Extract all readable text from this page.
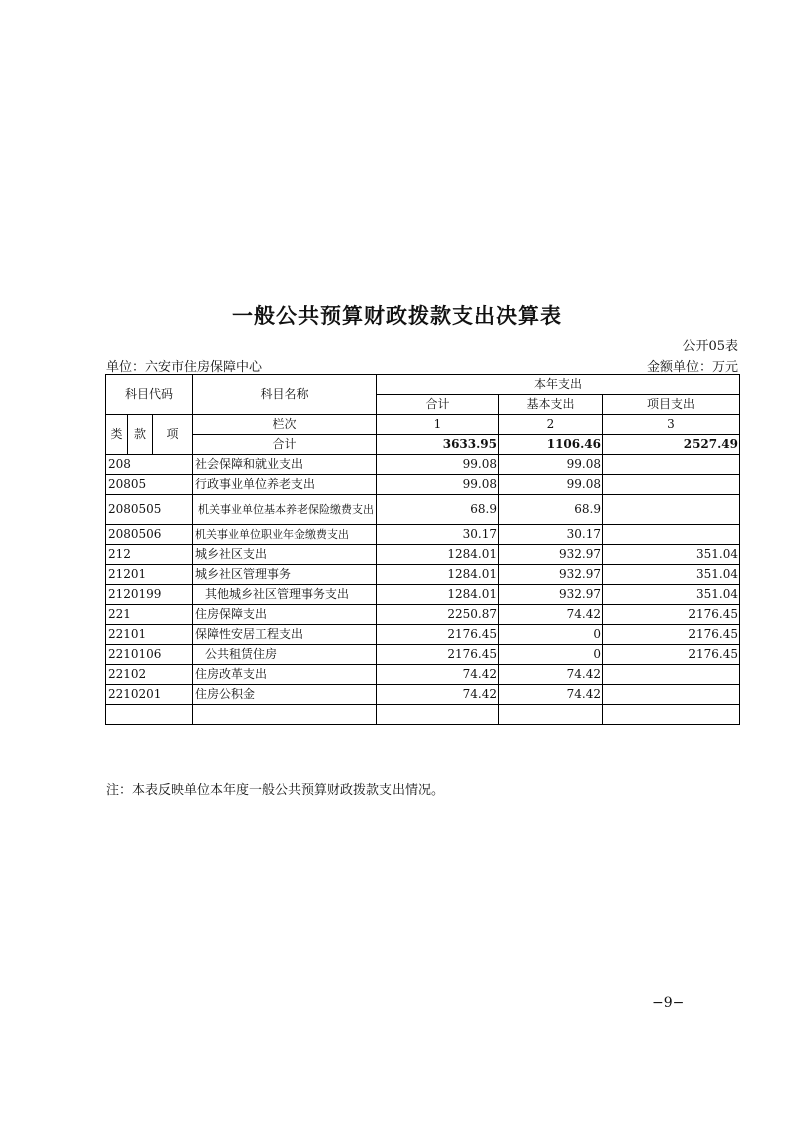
一般公共预算财政拨款支出决算表
公开05表
单位：六安市住房保障中心	金额单位：万元
科目代码			科目名称	本年支出		
				合计	基本支出	项目支出
类	款	项	栏次	1	2	3
			合计	3633.95	1106.46	2527.49
208			社会保障和就业支出	99.08	99.08	
20805			行政事业单位养老支出	99.08	99.08	
2080505			机关事业单位基本养老保险缴费支出	68.9	68.9	
2080506			机关事业单位职业年金缴费支出	30.17	30.17	
212			城乡社区支出	1284.01	932.97	351.04
21201			城乡社区管理事务	1284.01	932.97	351.04
2120199			其他城乡社区管理事务支出	1284.01	932.97	351.04
221			住房保障支出	2250.87	74.42	2176.45
22101			保障性安居工程支出	2176.45	0	2176.45
2210106			公共租赁住房	2176.45	0	2176.45
22102			住房改革支出	74.42	74.42	
2210201			住房公积金	74.42	74.42	

注：本表反映单位本年度一般公共预算财政拨款支出情况。
−9−
